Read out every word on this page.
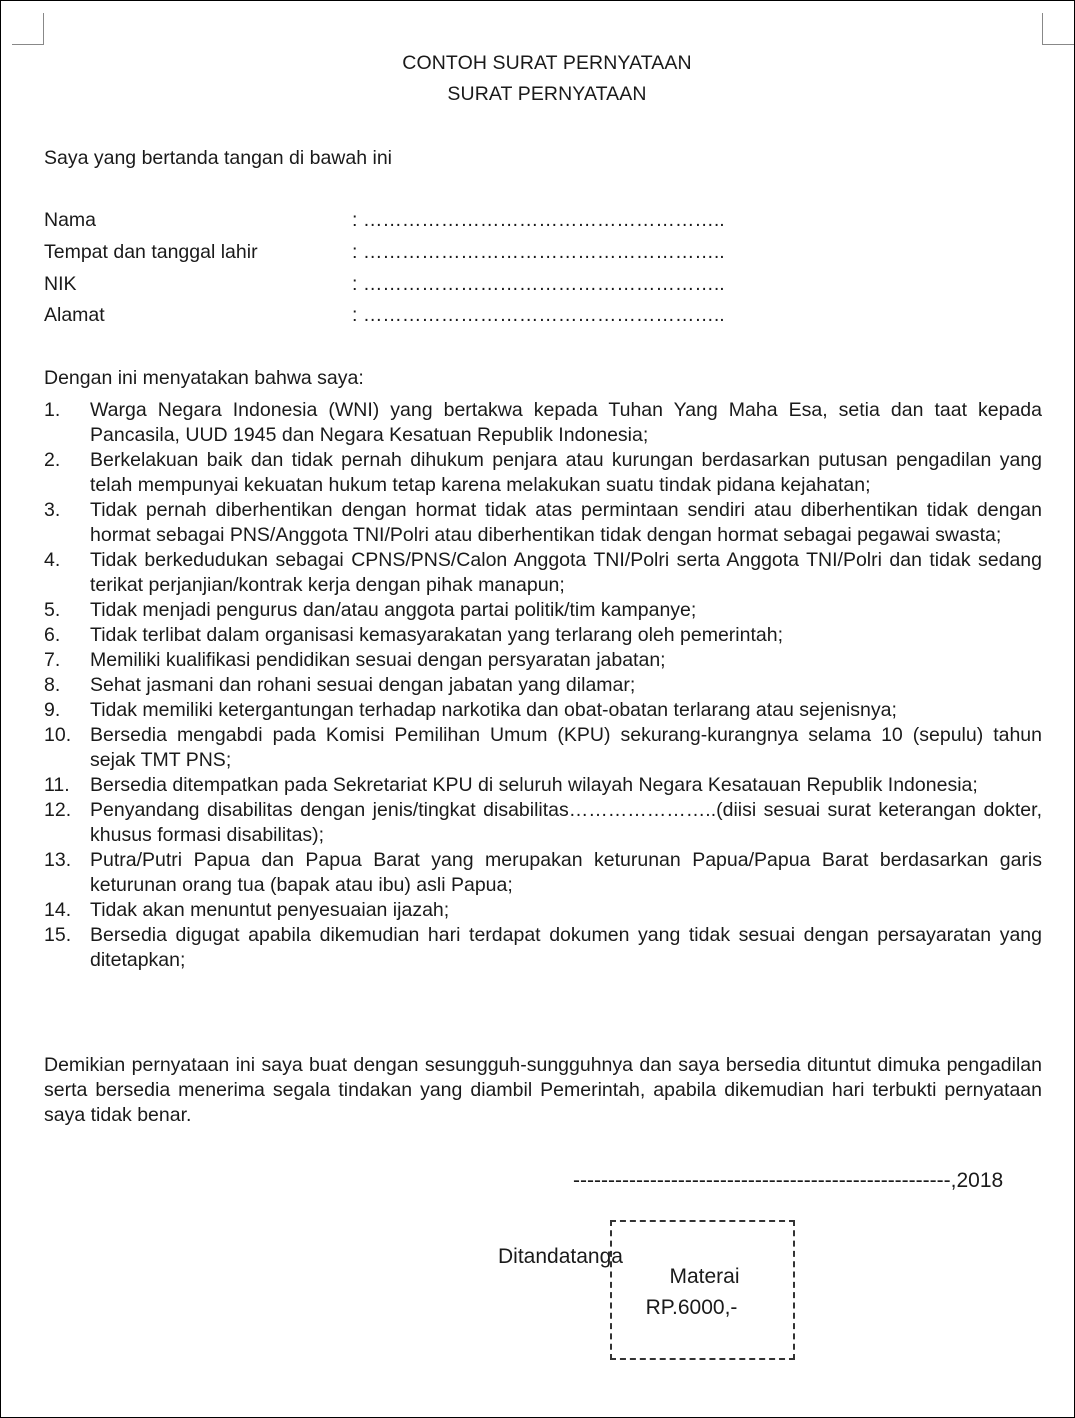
CONTOH SURAT PERNYATAAN
SURAT PERNYATAAN
Saya yang bertanda tangan di bawah ini
Nama	: ………………………………………………..
Tempat dan tanggal lahir	: ………………………………………………..
NIK	: ………………………………………………..
Alamat	: ………………………………………………..
Dengan ini menyatakan bahwa saya:
1. Warga Negara Indonesia (WNI) yang bertakwa kepada Tuhan Yang Maha Esa, setia dan taat kepada Pancasila, UUD 1945 dan Negara Kesatuan Republik Indonesia;
2. Berkelakuan baik dan tidak pernah dihukum penjara atau kurungan berdasarkan putusan pengadilan yang telah mempunyai kekuatan hukum tetap karena melakukan suatu tindak pidana kejahatan;
3. Tidak pernah diberhentikan dengan hormat tidak atas permintaan sendiri atau diberhentikan tidak dengan hormat sebagai PNS/Anggota TNI/Polri atau diberhentikan tidak dengan hormat sebagai pegawai swasta;
4. Tidak berkedudukan sebagai CPNS/PNS/Calon Anggota TNI/Polri serta Anggota TNI/Polri dan tidak sedang terikat perjanjian/kontrak kerja dengan pihak manapun;
5. Tidak menjadi pengurus dan/atau anggota partai politik/tim kampanye;
6. Tidak terlibat dalam organisasi kemasyarakatan yang terlarang oleh pemerintah;
7. Memiliki kualifikasi pendidikan sesuai dengan persyaratan jabatan;
8. Sehat jasmani dan rohani sesuai dengan jabatan yang dilamar;
9. Tidak memiliki ketergantungan terhadap narkotika dan obat-obatan terlarang atau sejenisnya;
10. Bersedia mengabdi pada Komisi Pemilihan Umum (KPU) sekurang-kurangnya selama 10 (sepulu) tahun sejak TMT PNS;
11. Bersedia ditempatkan pada Sekretariat KPU di seluruh wilayah Negara Kesatauan Republik Indonesia;
12. Penyandang disabilitas dengan jenis/tingkat disabilitas…………………..(diisi sesuai surat keterangan dokter, khusus formasi disabilitas);
13. Putra/Putri Papua dan Papua Barat yang merupakan keturunan Papua/Papua Barat berdasarkan garis keturunan orang tua (bapak atau ibu) asli Papua;
14. Tidak akan menuntut penyesuaian ijazah;
15. Bersedia digugat apabila dikemudian hari terdapat dokumen yang tidak sesuai dengan persayaratan yang ditetapkan;
Demikian pernyataan ini saya buat dengan sesungguh-sungguhnya dan saya bersedia dituntut dimuka pengadilan serta bersedia menerima segala tindakan yang diambil Pemerintah, apabila dikemudian hari terbukti pernyataan saya tidak benar.
------------------------------------------------------,2018
Ditandatanga
Materai
RP.6000,-
